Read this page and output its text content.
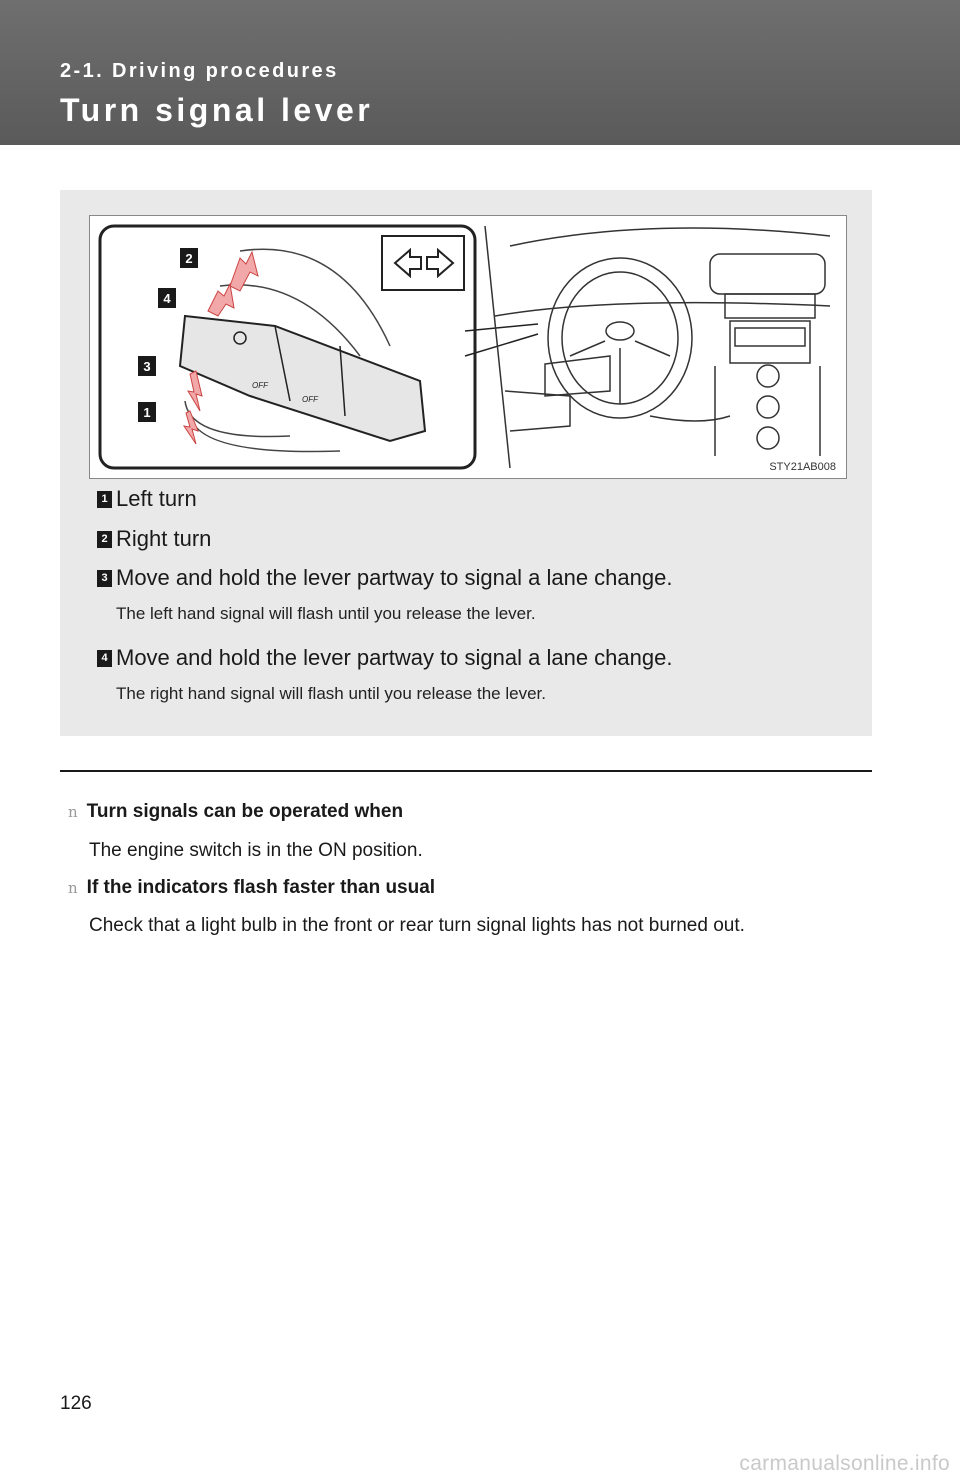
2-1. Driving procedures
Turn signal lever
OFF
OFF
2
4
3
1
STY21AB008
1 Left turn
2 Right turn
3 Move and hold the lever partway to signal a lane change.
The left hand signal will flash until you release the lever.
4 Move and hold the lever partway to signal a lane change.
The right hand signal will flash until you release the lever.
n Turn signals can be operated when
The engine switch is in the ON position.
n If the indicators flash faster than usual
Check that a light bulb in the front or rear turn signal lights has not burned out.
126
carmanualsonline.info
